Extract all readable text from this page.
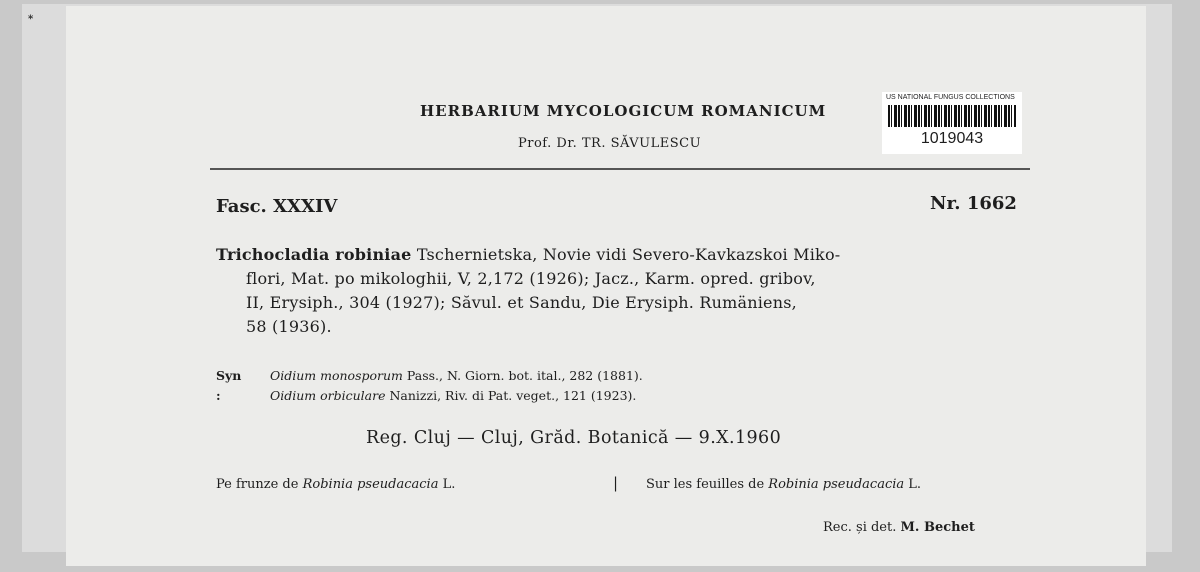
*
HERBARIUM MYCOLOGICUM ROMANICUM
Prof. Dr. TR. SĂVULESCU
US NATIONAL FUNGUS COLLECTIONS
1019043
Fasc. XXXIV	Nr. 1662
Trichocladia robiniae Tschernietska, Novie vidi Severo-Kavkazskoi Miko-
flori, Mat. po mikologhii, V, 2,172 (1926); Jacz., Karm. opred. gribov,
II, Erysiph., 304 (1927); Săvul. et Sandu, Die Erysiph. Rumäniens,
58 (1936).
Syn :
Oidium monosporum Pass., N. Giorn. bot. ital., 282 (1881).
Oidium orbiculare Nanizzi, Riv. di Pat. veget., 121 (1923).
Reg. Cluj — Cluj, Grăd. Botanică — 9.X.1960
Pe frunze de Robinia pseudacacia L.	| Sur les feuilles de Robinia pseudacacia L.
Rec. și det. M. Bechet
